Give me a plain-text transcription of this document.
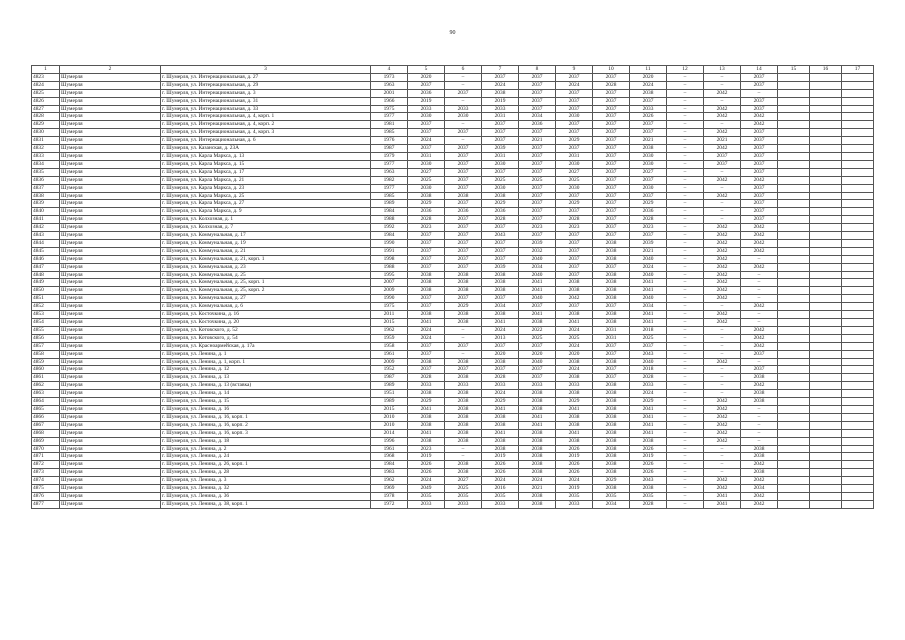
90
1	2	3	4	5	6	7	8	9	10	11	12	13	14	15	16	17
4823	Шумерля	г. Шумерля, ул. Интернациональная, д. 27	1973	2020	–	2037	2037	2037	2037	2020	–	–	2037			
4824	Шумерля	г. Шумерля, ул. Интернациональная, д. 29	1963	2037	–	2024	2037	2024	2028	2024	–	–	2037			
4825	Шумерля	г. Шумерля, ул. Интернациональная, д. 3	2001	2036	2037	2038	2037	2037	2037	2038	–	2042	–			
4826	Шумерля	г. Шумерля, ул. Интернациональная, д. 31	1966	2019	–	2019	2037	2037	2037	2037	–	–	2037			
4827	Шумерля	г. Шумерля, ул. Интернациональная, д. 33	1975	2033	2033	2033	2037	2037	2037	2033	–	2042	2037			
4828	Шумерля	г. Шумерля, ул. Интернациональная, д. 4, корп. 1	1977	2030	2030	2031	2034	2030	2037	2026	–	2042	2042			
4829	Шумерля	г. Шумерля, ул. Интернациональная, д. 4, корп. 2	1981	2037	–	2037	2036	2037	2037	2037	–	–	2042			
4830	Шумерля	г. Шумерля, ул. Интернациональная, д. 4, корп. 3	1985	2037	2037	2037	2037	2037	2037	2037	–	2042	2037			
4831	Шумерля	г. Шумерля, ул. Интернациональная, д. 6	1976	2024	–	2037	2021	2029	2037	2021	–	2021	2037			
4832	Шумерля	г. Шумерля, ул. Казанская, д. 23А	1987	2037	2037	2039	2037	2037	2037	2038	–	2042	2037			
4833	Шумерля	г. Шумерля, ул. Карла Маркса, д. 13	1979	2031	2037	2031	2037	2031	2037	2030	–	2037	2037			
4834	Шумерля	г. Шумерля, ул. Карла Маркса, д. 15	1977	2030	2037	2030	2037	2030	2037	2030	–	2037	2037			
4835	Шумерля	г. Шумерля, ул. Карла Маркса, д. 17	1963	2027	2037	2037	2037	2027	2037	2027	–	–	2037			
4836	Шумерля	г. Шумерля, ул. Карла Маркса, д. 21	1982	2025	2037	2025	2025	2025	2037	2037	–	2042	2042			
4837	Шумерля	г. Шумерля, ул. Карла Маркса, д. 23	1977	2030	2037	2030	2037	2030	2037	2030	–	–	2037			
4838	Шумерля	г. Шумерля, ул. Карла Маркса, д. 25	1985	2038	2038	2038	2037	2037	2037	2037	–	2042	2037			
4839	Шумерля	г. Шумерля, ул. Карла Маркса, д. 27	1989	2029	2037	2029	2037	2029	2037	2029	–	–	2037			
4840	Шумерля	г. Шумерля, ул. Карла Маркса, д. 9	1984	2036	2036	2036	2037	2037	2037	2036	–	–	2037			
4841	Шумерля	г. Шумерля, ул. Колхозная, д. 1	1988	2028	2037	2028	2037	2028	2037	2028	–	–	2037			
4842	Шумерля	г. Шумерля, ул. Колхозная, д. 7	1992	2023	2037	2037	2023	2023	2037	2023	–	2042	2042			
4843	Шумерля	г. Шумерля, ул. Коммунальная, д. 17	1984	2037	2037	2043	2037	2037	2037	2037	–	2042	2042			
4844	Шумерля	г. Шумерля, ул. Коммунальная, д. 19	1990	2037	2037	2037	2039	2037	2038	2039	–	2042	2042			
4845	Шумерля	г. Шумерля, ул. Коммунальная, д. 21	1991	2037	2037	2037	2032	2037	2038	2021	–	2042	2042			
4846	Шумерля	г. Шумерля, ул. Коммунальная, д. 21, корп. 1	1998	2037	2037	2037	2040	2037	2038	2040	–	2042	–			
4847	Шумерля	г. Шумерля, ул. Коммунальная, д. 23	1988	2037	2037	2039	2034	2037	2037	2024	–	2042	2042			
4848	Шумерля	г. Шумерля, ул. Коммунальная, д. 25	1995	2038	2038	2038	2040	2037	2038	2040	–	2042	–			
4849	Шумерля	г. Шумерля, ул. Коммунальная, д. 25, корп. 1	2007	2038	2038	2038	2041	2038	2038	2041	–	2042	–			
4850	Шумерля	г. Шумерля, ул. Коммунальная, д. 25, корп. 2	2009	2038	2038	2038	2041	2038	2038	2041	–	2042	–			
4851	Шумерля	г. Шумерля, ул. Коммунальная, д. 27	1990	2037	2037	2037	2040	2042	2038	2040	–	2042	–			
4852	Шумерля	г. Шумерля, ул. Коммунальная, д. 6	1975	2037	2029	2034	2037	2037	2037	2034	–	–	2042			
4853	Шумерля	г. Шумерля, ул. Косточкина, д. 16	2011	2038	2038	2038	2041	2038	2038	2041	–	2042	–			
4854	Шумерля	г. Шумерля, ул. Косточкина, д. 20	2015	2041	2038	2041	2038	2041	2038	2041	–	2042	–			
4855	Шумерля	г. Шумерля, ул. Котовского, д. 52	1962	2024	–	2024	2022	2024	2031	2018	–	–	2042			
4856	Шумерля	г. Шумерля, ул. Котовского, д. 54	1959	2024	–	2013	2025	2025	2031	2025	–	–	2042			
4857	Шумерля	г. Шумерля, ул. Красноармейская, д. 17а	1958	2037	2037	2037	2037	2024	2037	2037	–	–	2042			
4858	Шумерля	г. Шумерля, ул. Ленина, д. 1	1961	2037	–	2020	2020	2020	2037	2043	–	–	2037			
4859	Шумерля	г. Шумерля, ул. Ленина, д. 1, корп. 1	2009	2038	2038	2038	2040	2038	2038	2040	–	2042	–			
4860	Шумерля	г. Шумерля, ул. Ленина, д. 12	1952	2037	2037	2037	2037	2024	2037	2018	–	–	2037			
4861	Шумерля	г. Шумерля, ул. Ленина, д. 13	1987	2028	2038	2028	2037	2038	2037	2028	–	–	2038			
4862	Шумерля	г. Шумерля, ул. Ленина, д. 13 (вставка)	1989	2033	2033	2033	2033	2033	2038	2033	–	–	2042			
4863	Шумерля	г. Шумерля, ул. Ленина, д. 14	1951	2038	2038	2024	2038	2038	2038	2024	–	–	2038			
4864	Шумерля	г. Шумерля, ул. Ленина, д. 15	1989	2029	2038	2029	2038	2029	2038	2029	–	2042	2038			
4865	Шумерля	г. Шумерля, ул. Ленина, д. 16	2015	2041	2038	2041	2038	2041	2038	2041	–	2042	–			
4866	Шумерля	г. Шумерля, ул. Ленина, д. 16, корп. 1	2010	2038	2038	2038	2041	2038	2038	2041	–	2042	–			
4867	Шумерля	г. Шумерля, ул. Ленина, д. 16, корп. 2	2010	2038	2038	2038	2041	2038	2038	2041	–	2042	–			
4868	Шумерля	г. Шумерля, ул. Ленина, д. 16, корп. 3	2014	2041	2038	2041	2038	2041	2038	2041	–	2042	–			
4869	Шумерля	г. Шумерля, ул. Ленина, д. 18	1996	2038	2038	2038	2038	2038	2038	2038	–	2042	–			
4870	Шумерля	г. Шумерля, ул. Ленина, д. 2	1961	2023	–	2038	2038	2026	2038	2026	–	–	2038			
4871	Шумерля	г. Шумерля, ул. Ленина, д. 24	1968	2019	–	2019	2038	2019	2038	2019	–	–	2038			
4872	Шумерля	г. Шумерля, ул. Ленина, д. 26, корп. 1	1984	2026	2038	2026	2038	2026	2038	2026	–	–	2042			
4873	Шумерля	г. Шумерля, ул. Ленина, д. 28	1983	2026	2038	2026	2038	2026	2038	2026	–	–	2038			
4874	Шумерля	г. Шумерля, ул. Ленина, д. 3	1962	2024	2027	2024	2024	2024	2029	2043	–	2042	2042			
4875	Шумерля	г. Шумерля, ул. Ленина, д. 32	1969	2049	2025	2016	2021	2019	2038	2038	–	2042	2034			
4876	Шумерля	г. Шумерля, ул. Ленина, д. 36	1978	2035	2035	2035	2038	2035	2035	2035	–	2041	2042			
4877	Шумерля	г. Шумерля, ул. Ленина, д. 38, корп. 1	1972	2033	2033	2033	2038	2033	2034	2028	–	2041	2042			
